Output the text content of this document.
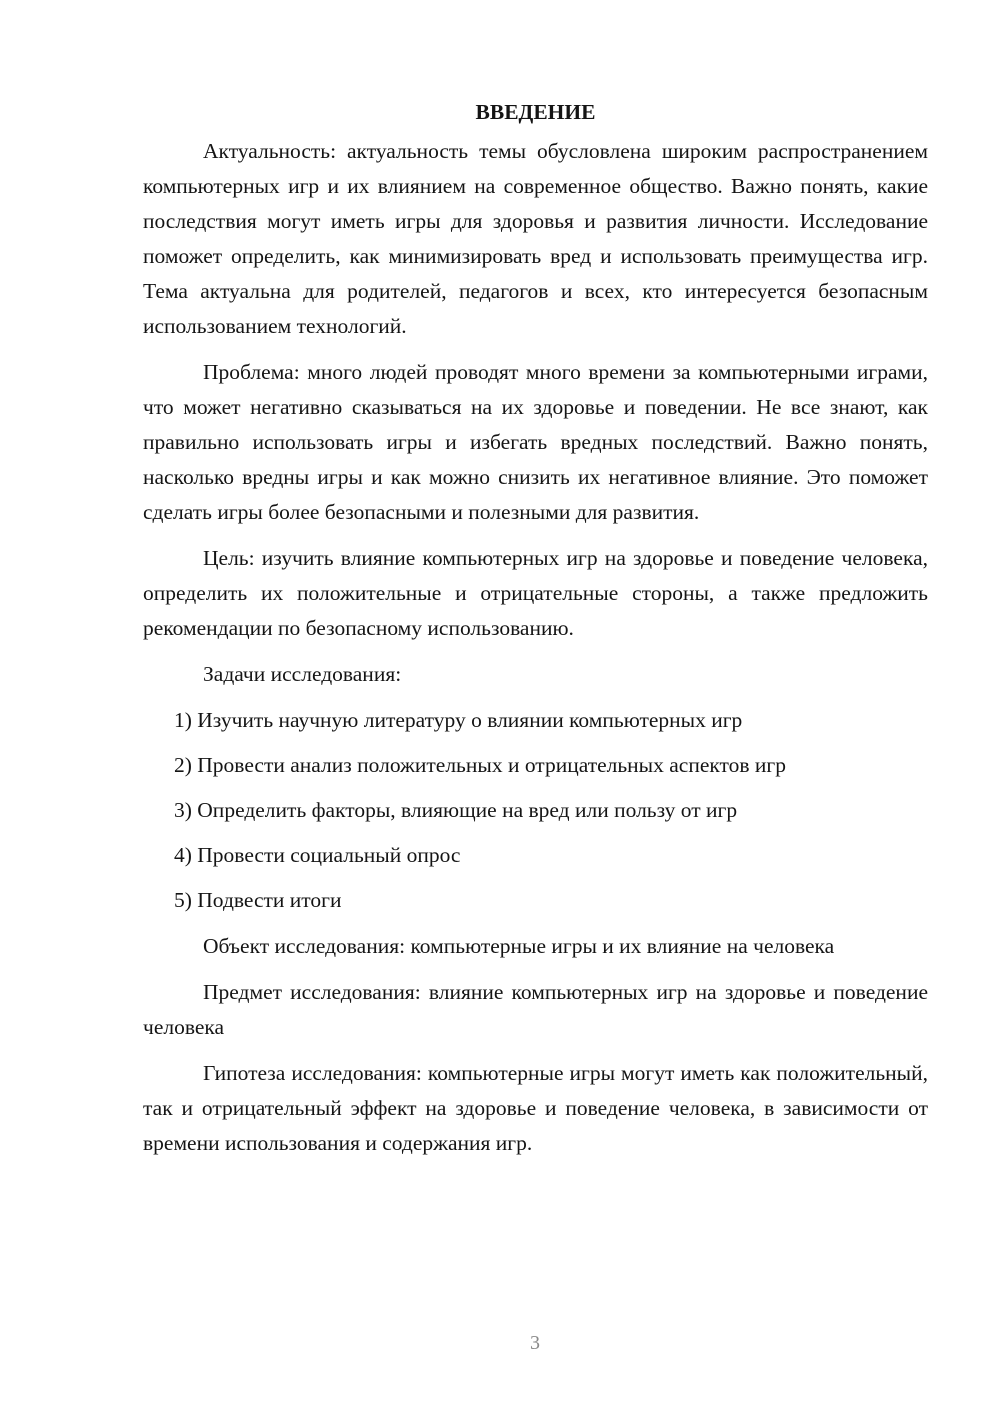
ВВЕДЕНИЕ

Актуальность: актуальность темы обусловлена широким распространением компьютерных игр и их влиянием на современное общество. Важно понять, какие последствия могут иметь игры для здоровья и развития личности. Исследование поможет определить, как минимизировать вред и использовать преимущества игр. Тема актуальна для родителей, педагогов и всех, кто интересуется безопасным использованием технологий.

Проблема: много людей проводят много времени за компьютерными играми, что может негативно сказываться на их здоровье и поведении. Не все знают, как правильно использовать игры и избегать вредных последствий. Важно понять, насколько вредны игры и как можно снизить их негативное влияние. Это поможет сделать игры более безопасными и полезными для развития.

Цель: изучить влияние компьютерных игр на здоровье и поведение человека, определить их положительные и отрицательные стороны, а также предложить рекомендации по безопасному использованию.

Задачи исследования:

1) Изучить научную литературу о влиянии компьютерных игр
2) Провести анализ положительных и отрицательных аспектов игр
3) Определить факторы, влияющие на вред или пользу от игр
4) Провести социальный опрос
5) Подвести итоги

Объект исследования: компьютерные игры и их влияние на человека

Предмет исследования: влияние компьютерных игр на здоровье и поведение человека

Гипотеза исследования: компьютерные игры могут иметь как положительный, так и отрицательный эффект на здоровье и поведение человека, в зависимости от времени использования и содержания игр.

3
